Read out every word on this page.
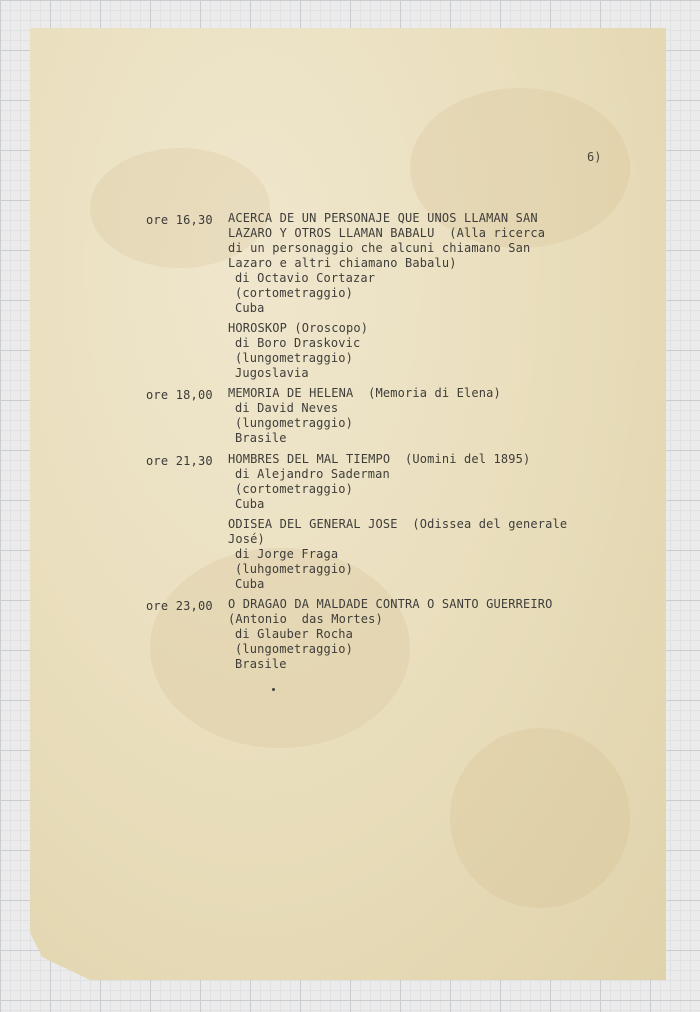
6)
ore 16,30 ACERCA DE UN PERSONAJE QUE UNOS LLAMAN SAN
LAZARO Y OTROS LLAMAN BABALU  (Alla ricerca
di un personaggio che alcuni chiamano San
Lazaro e altri chiamano Babalu)
di Octavio Cortazar
(cortometraggio)
Cuba
HOROSKOP (Oroscopo)
di Boro Draskovic
(lungometraggio)
Jugoslavia
ore 18,00 MEMORIA DE HELENA  (Memoria di Elena)
di David Neves
(lungometraggio)
Brasile
ore 21,30 HOMBRES DEL MAL TIEMPO  (Uomini del 1895)
di Alejandro Saderman
(cortometraggio)
Cuba
ODISEA DEL GENERAL JOSE  (Odissea del generale
José)
di Jorge Fraga
(luhgometraggio)
Cuba
ore 23,00 O DRAGAO DA MALDADE CONTRA O SANTO GUERREIRO
(Antonio  das Mortes)
di Glauber Rocha
(lungometraggio)
Brasile
